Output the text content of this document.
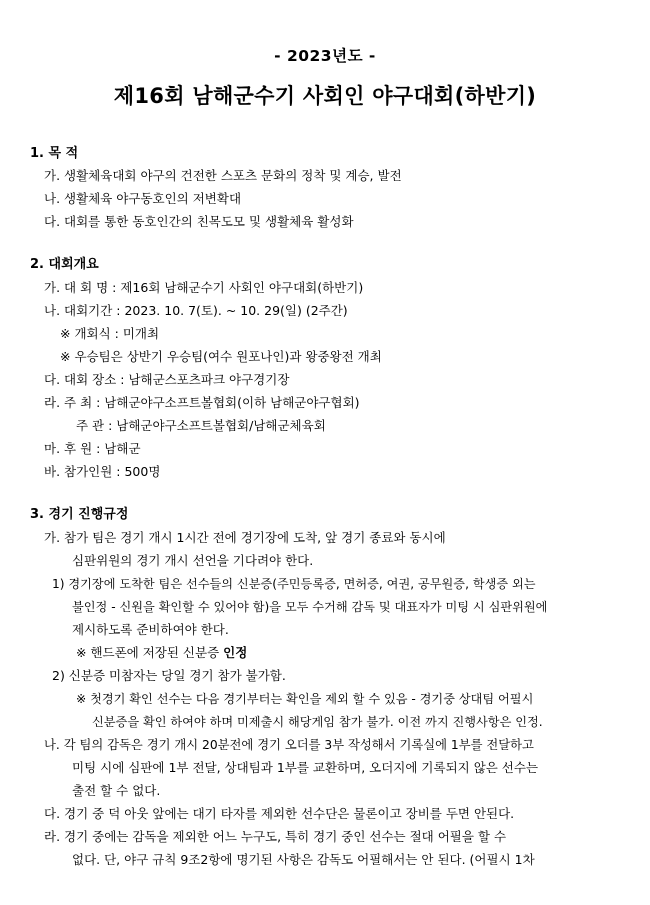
- 2023년도 -
제16회 남해군수기 사회인 야구대회(하반기)
1. 목 적
가. 생활체육대회 야구의 건전한 스포츠 문화의 정착 및 계승, 발전
나. 생활체육 야구동호인의 저변확대
다. 대회를 통한 동호인간의 친목도모 및 생활체육 활성화
2. 대회개요
가. 대 회 명 : 제16회 남해군수기 사회인 야구대회(하반기)
나. 대회기간 : 2023. 10. 7(토). ~ 10. 29(일) (2주간)
※ 개회식 : 미개최
※ 우승팀은 상반기 우승팀(여수 원포나인)과 왕중왕전 개최
다. 대회 장소 : 남해군스포츠파크 야구경기장
라. 주 최 : 남해군야구소프트볼협회(이하 남해군야구협회)
주 관 : 남해군야구소프트볼협회/남해군체육회
마. 후 원 : 남해군
바. 참가인원 : 500명
3. 경기 진행규정
가. 참가 팀은 경기 개시 1시간 전에 경기장에 도착, 앞 경기 종료와 동시에
심판위원의 경기 개시 선언을 기다려야 한다.
1) 경기장에 도착한 팀은 선수들의 신분증(주민등록증, 면허증, 여권, 공무원증, 학생증 외는
불인정 - 신원을 확인할 수 있어야 함)을 모두 수거해 감독 및 대표자가 미팅 시 심판위원에
제시하도록 준비하여야 한다.
※ 핸드폰에 저장된 신분증 인정
2) 신분증 미참자는 당일 경기 참가 불가함.
※ 첫경기 확인 선수는 다음 경기부터는 확인을 제외 할 수 있음 - 경기중 상대팀 어필시
신분증을 확인 하여야 하며 미제출시 해당게임 참가 불가. 이전 까지 진행사항은 인정.
나. 각 팀의 감독은 경기 개시 20분전에 경기 오더를 3부 작성해서 기록실에 1부를 전달하고
미팅 시에 심판에 1부 전달, 상대팀과 1부를 교환하며, 오더지에 기록되지 않은 선수는
출전 할 수 없다.
다. 경기 중 덕 아웃 앞에는 대기 타자를 제외한 선수단은 물론이고 장비를 두면 안된다.
라. 경기 중에는 감독을 제외한 어느 누구도, 특히 경기 중인 선수는 절대 어필을 할 수
없다. 단, 야구 규칙 9조2항에 명기된 사항은 감독도 어필해서는 안 된다. (어필시 1차
